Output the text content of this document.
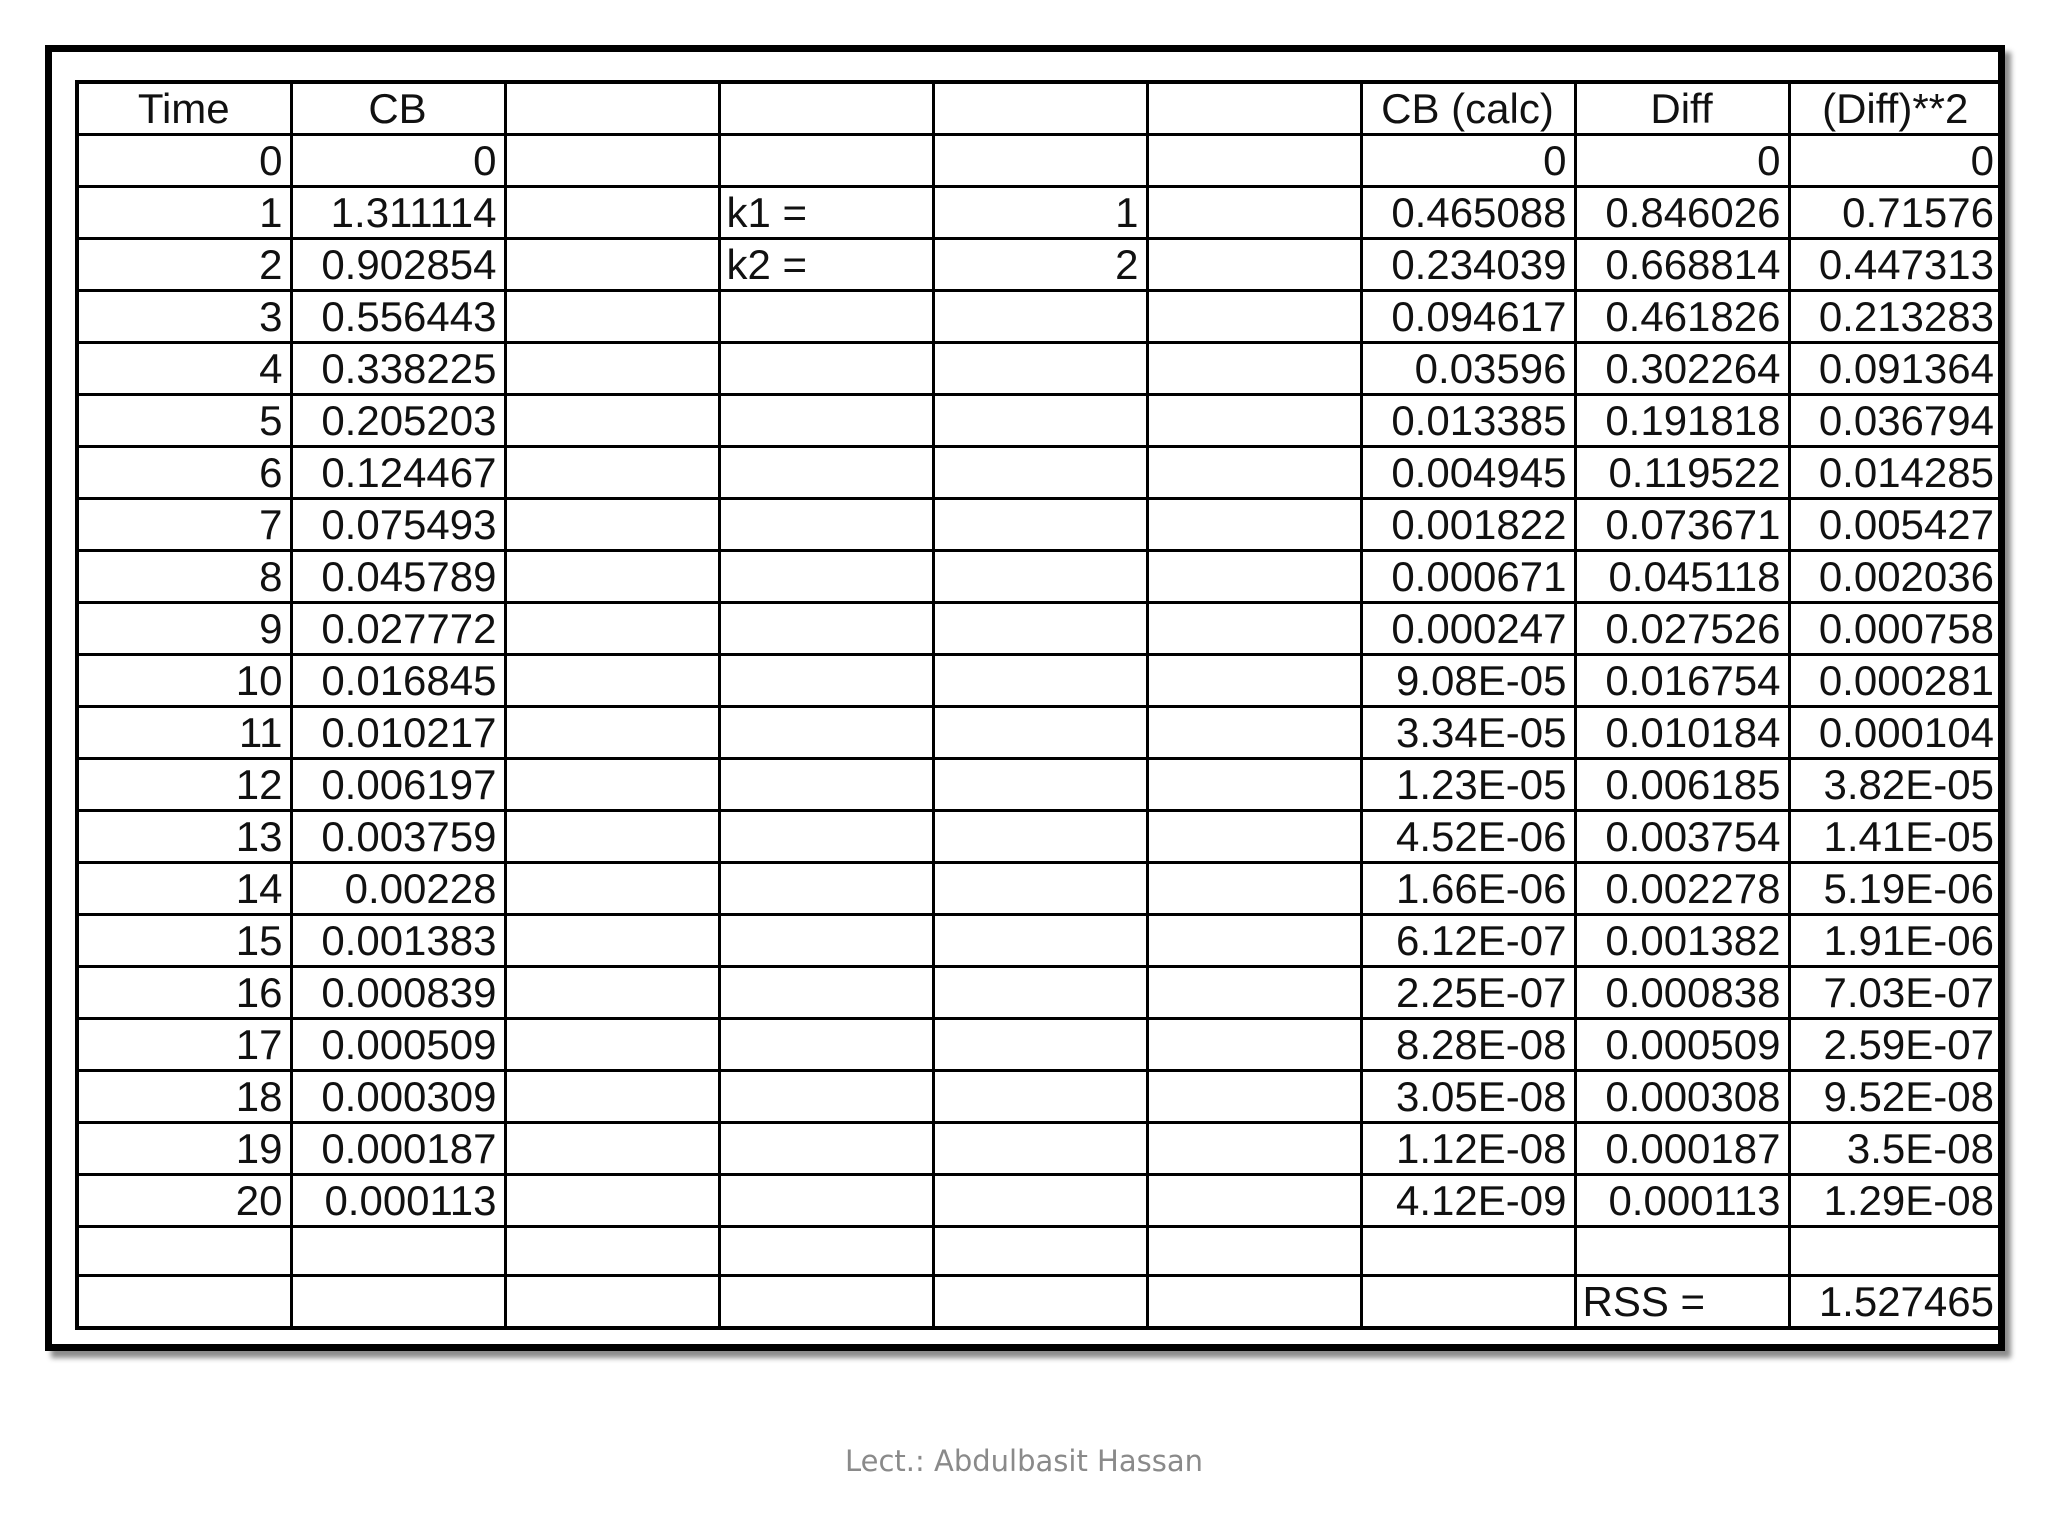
Time	CB					CB (calc)	Diff	(Diff)**2
0	0					0	0	0
1	1.311114		k1 =	1		0.465088	0.846026	0.71576
2	0.902854		k2 =	2		0.234039	0.668814	0.447313
3	0.556443					0.094617	0.461826	0.213283
4	0.338225					0.03596	0.302264	0.091364
5	0.205203					0.013385	0.191818	0.036794
6	0.124467					0.004945	0.119522	0.014285
7	0.075493					0.001822	0.073671	0.005427
8	0.045789					0.000671	0.045118	0.002036
9	0.027772					0.000247	0.027526	0.000758
10	0.016845					9.08E-05	0.016754	0.000281
11	0.010217					3.34E-05	0.010184	0.000104
12	0.006197					1.23E-05	0.006185	3.82E-05
13	0.003759					4.52E-06	0.003754	1.41E-05
14	0.00228					1.66E-06	0.002278	5.19E-06
15	0.001383					6.12E-07	0.001382	1.91E-06
16	0.000839					2.25E-07	0.000838	7.03E-07
17	0.000509					8.28E-08	0.000509	2.59E-07
18	0.000309					3.05E-08	0.000308	9.52E-08
19	0.000187					1.12E-08	0.000187	3.5E-08
20	0.000113					4.12E-09	0.000113	1.29E-08

							RSS =	1.527465
Lect.: Abdulbasit Hassan
